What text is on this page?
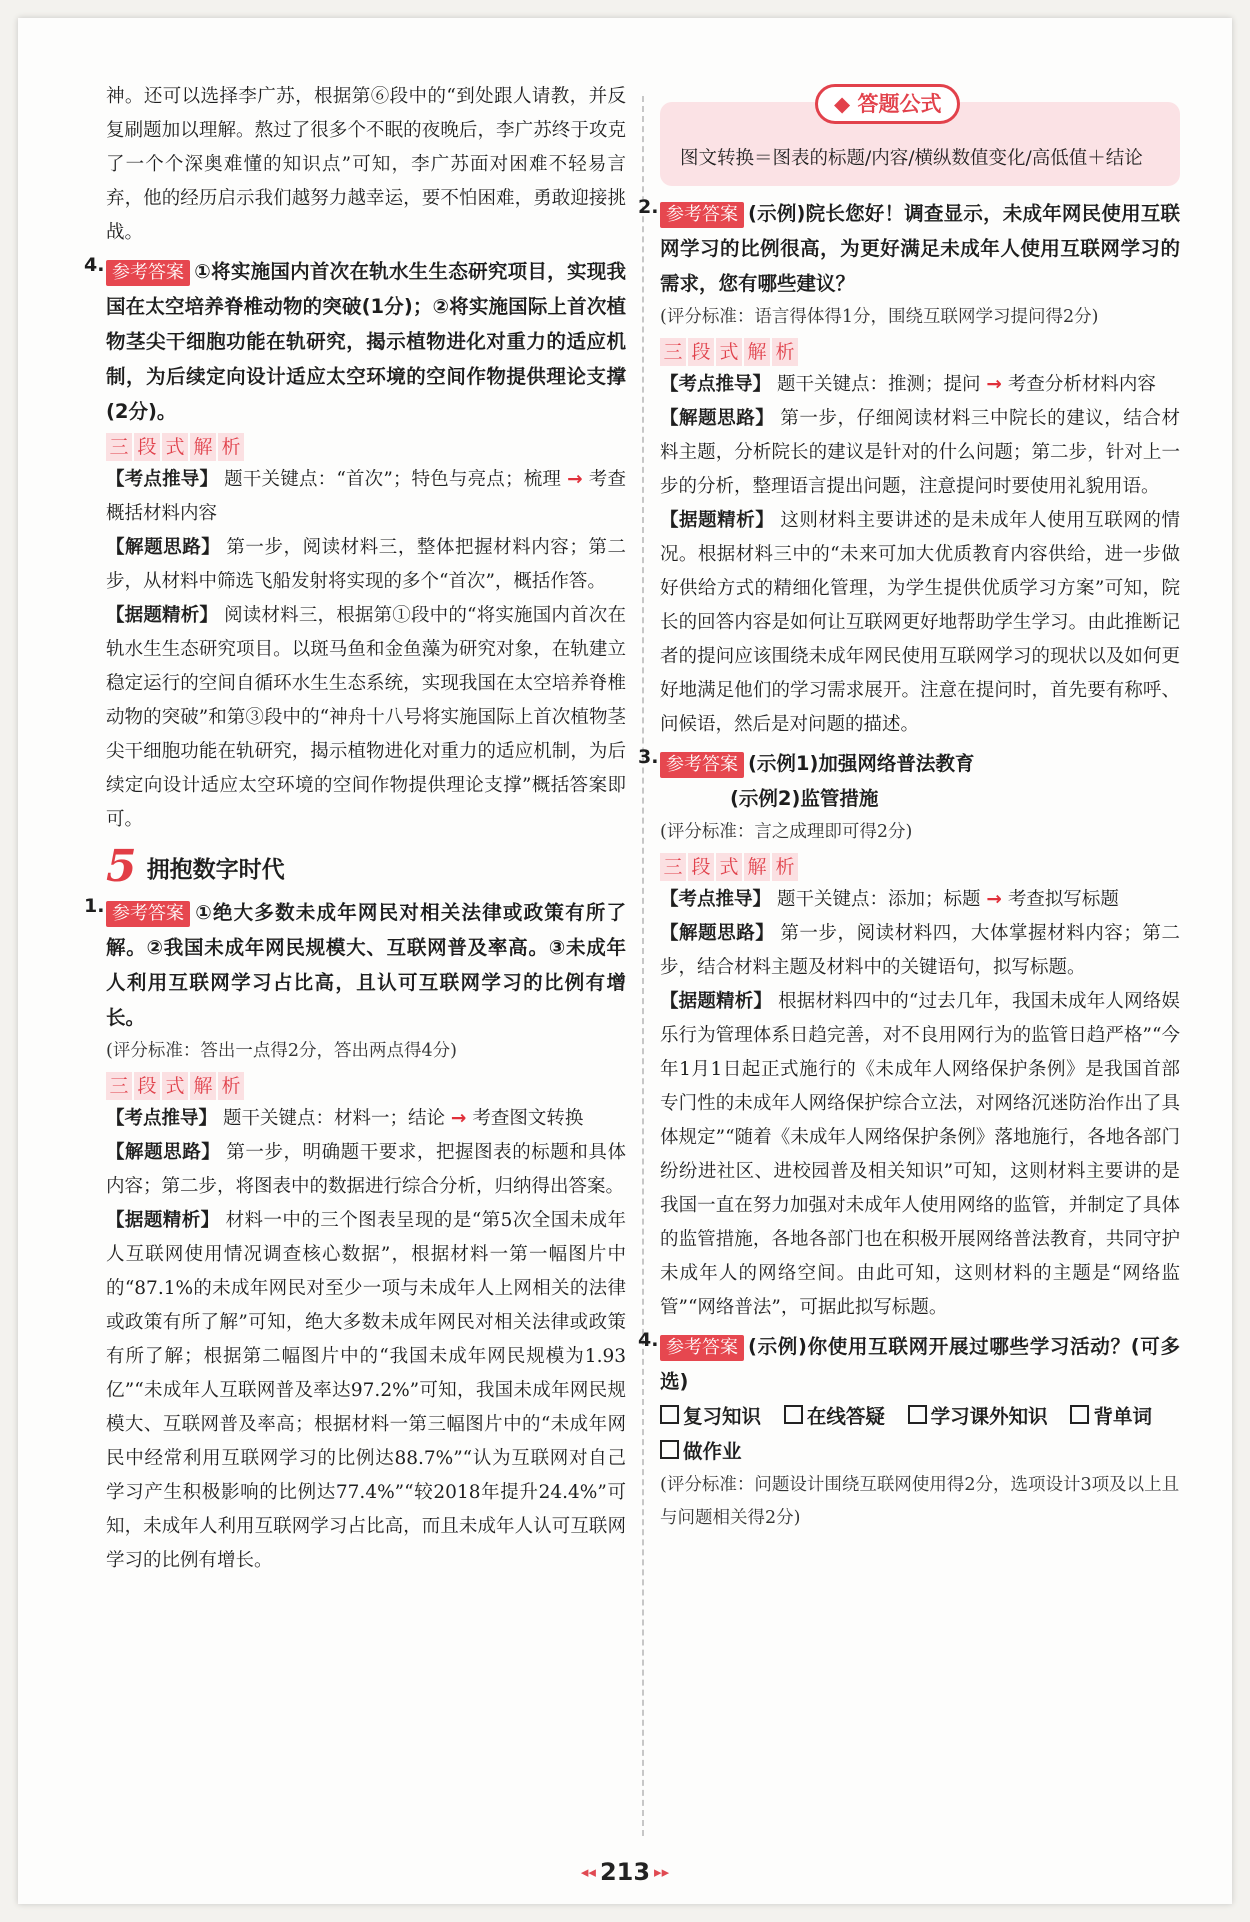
神。还可以选择李广苏，根据第⑥段中的“到处跟人请教，并反复刷题加以理解。熬过了很多个不眠的夜晚后，李广苏终于攻克了一个个深奥难懂的知识点”可知，李广苏面对困难不轻易言弃，他的经历启示我们越努力越幸运，要不怕困难，勇敢迎接挑战。

4. 参考答案 ①将实施国内首次在轨水生生态研究项目，实现我国在太空培养脊椎动物的突破(1分)；②将实施国际上首次植物茎尖干细胞功能在轨研究，揭示植物进化对重力的适应机制，为后续定向设计适应太空环境的空间作物提供理论支撑(2分)。

三 段 式 解 析

【考点推导】 题干关键点：“首次”；特色与亮点；梳理 → 考查概括材料内容

【解题思路】 第一步，阅读材料三，整体把握材料内容；第二步，从材料中筛选飞船发射将实现的多个“首次”，概括作答。

【据题精析】 阅读材料三，根据第①段中的“将实施国内首次在轨水生生态研究项目。以斑马鱼和金鱼藻为研究对象，在轨建立稳定运行的空间自循环水生生态系统，实现我国在太空培养脊椎动物的突破”和第③段中的“神舟十八号将实施国际上首次植物茎尖干细胞功能在轨研究，揭示植物进化对重力的适应机制，为后续定向设计适应太空环境的空间作物提供理论支撑”概括答案即可。

5 拥抱数字时代
1. 参考答案 ①绝大多数未成年网民对相关法律或政策有所了解。②我国未成年网民规模大、互联网普及率高。③未成年人利用互联网学习占比高，且认可互联网学习的比例有增长。

(评分标准：答出一点得2分，答出两点得4分)

三 段 式 解 析

【考点推导】 题干关键点：材料一；结论 → 考查图文转换

【解题思路】 第一步，明确题干要求，把握图表的标题和具体内容；第二步，将图表中的数据进行综合分析，归纳得出答案。

【据题精析】 材料一中的三个图表呈现的是“第5次全国未成年人互联网使用情况调查核心数据”，根据材料一第一幅图片中的“87.1%的未成年网民对至少一项与未成年人上网相关的法律或政策有所了解”可知，绝大多数未成年网民对相关法律或政策有所了解；根据第二幅图片中的“我国未成年网民规模为1.93亿”“未成年人互联网普及率达97.2%”可知，我国未成年网民规模大、互联网普及率高；根据材料一第三幅图片中的“未成年网民中经常利用互联网学习的比例达88.7%”“认为互联网对自己学习产生积极影响的比例达77.4%”“较2018年提升24.4%”可知，未成年人利用互联网学习占比高，而且未成年人认可互联网学习的比例有增长。

◆ 答题公式

图文转换＝图表的标题/内容/横纵数值变化/高低值＋结论

2. 参考答案 (示例)院长您好！调查显示，未成年网民使用互联网学习的比例很高，为更好满足未成年人使用互联网学习的需求，您有哪些建议？

(评分标准：语言得体得1分，围绕互联网学习提问得2分)

三 段 式 解 析

【考点推导】 题干关键点：推测；提问 → 考查分析材料内容

【解题思路】 第一步，仔细阅读材料三中院长的建议，结合材料主题，分析院长的建议是针对的什么问题；第二步，针对上一步的分析，整理语言提出问题，注意提问时要使用礼貌用语。

【据题精析】 这则材料主要讲述的是未成年人使用互联网的情况。根据材料三中的“未来可加大优质教育内容供给，进一步做好供给方式的精细化管理，为学生提供优质学习方案”可知，院长的回答内容是如何让互联网更好地帮助学生学习。由此推断记者的提问应该围绕未成年网民使用互联网学习的现状以及如何更好地满足他们的学习需求展开。注意在提问时，首先要有称呼、问候语，然后是对问题的描述。

3. 参考答案 (示例1)加强网络普法教育

(示例2)监管措施

(评分标准：言之成理即可得2分)

三 段 式 解 析

【考点推导】 题干关键点：添加；标题 → 考查拟写标题

【解题思路】 第一步，阅读材料四，大体掌握材料内容；第二步，结合材料主题及材料中的关键语句，拟写标题。

【据题精析】 根据材料四中的“过去几年，我国未成年人网络娱乐行为管理体系日趋完善，对不良用网行为的监管日趋严格”“今年1月1日起正式施行的《未成年人网络保护条例》是我国首部专门性的未成年人网络保护综合立法，对网络沉迷防治作出了具体规定”“随着《未成年人网络保护条例》落地施行，各地各部门纷纷进社区、进校园普及相关知识”可知，这则材料主要讲的是我国一直在努力加强对未成年人使用网络的监管，并制定了具体的监管措施，各地各部门也在积极开展网络普法教育，共同守护未成年人的网络空间。由此可知，这则材料的主题是“网络监管”“网络普法”，可据此拟写标题。

4. 参考答案 (示例)你使用互联网开展过哪些学习活动？(可多选)

复习知识 在线答疑 学习课外知识 背单词 做作业

(评分标准：问题设计围绕互联网使用得2分，选项设计3项及以上且与问题相关得2分)

◂◂ 213 ▸▸
